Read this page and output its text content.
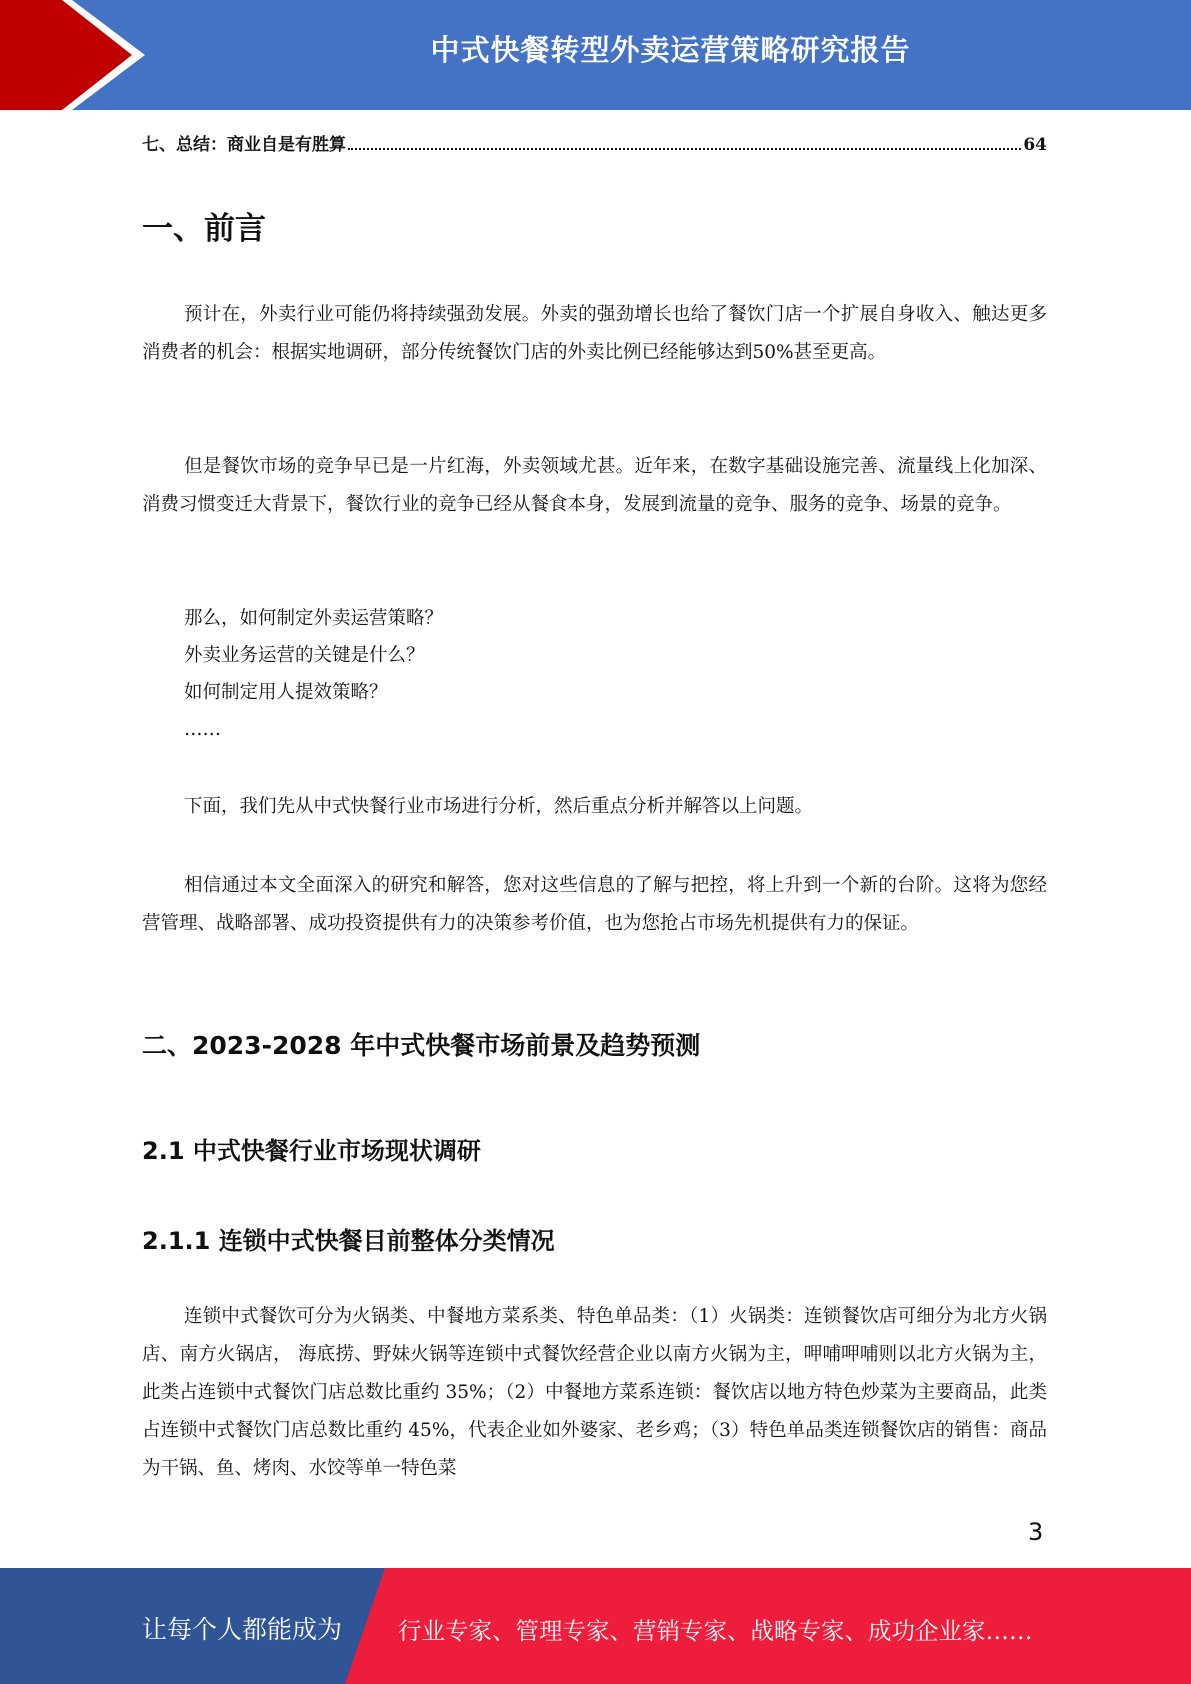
中式快餐转型外卖运营策略研究报告
七、总结：商业自是有胜算	64
一、前言

预计在，外卖行业可能仍将持续强劲发展。外卖的强劲增长也给了餐饮门店一个扩展自身收入、触达更多消费者的机会：根据实地调研，部分传统餐饮门店的外卖比例已经能够达到50%甚至更高。

但是餐饮市场的竞争早已是一片红海，外卖领域尤甚。近年来，在数字基础设施完善、流量线上化加深、消费习惯变迁大背景下，餐饮行业的竞争已经从餐食本身，发展到流量的竞争、服务的竞争、场景的竞争。

那么，如何制定外卖运营策略？
外卖业务运营的关键是什么？
如何制定用人提效策略？
……

下面，我们先从中式快餐行业市场进行分析，然后重点分析并解答以上问题。

相信通过本文全面深入的研究和解答，您对这些信息的了解与把控，将上升到一个新的台阶。这将为您经营管理、战略部署、成功投资提供有力的决策参考价值，也为您抢占市场先机提供有力的保证。

二、2023-2028 年中式快餐市场前景及趋势预测
2.1 中式快餐行业市场现状调研
2.1.1 连锁中式快餐目前整体分类情况

连锁中式餐饮可分为火锅类、中餐地方菜系类、特色单品类：（1）火锅类：连锁餐饮店可细分为北方火锅店、南方火锅店， 海底捞、野妹火锅等连锁中式餐饮经营企业以南方火锅为主，呷哺呷哺则以北方火锅为主，此类占连锁中式餐饮门店总数比重约 35%；（2）中餐地方菜系连锁：餐饮店以地方特色炒菜为主要商品，此类占连锁中式餐饮门店总数比重约 45%，代表企业如外婆家、老乡鸡；（3）特色单品类连锁餐饮店的销售：商品为干锅、鱼、烤肉、水饺等单一特色菜

3
让每个人都能成为 行业专家、管理专家、营销专家、战略专家、成功企业家……
